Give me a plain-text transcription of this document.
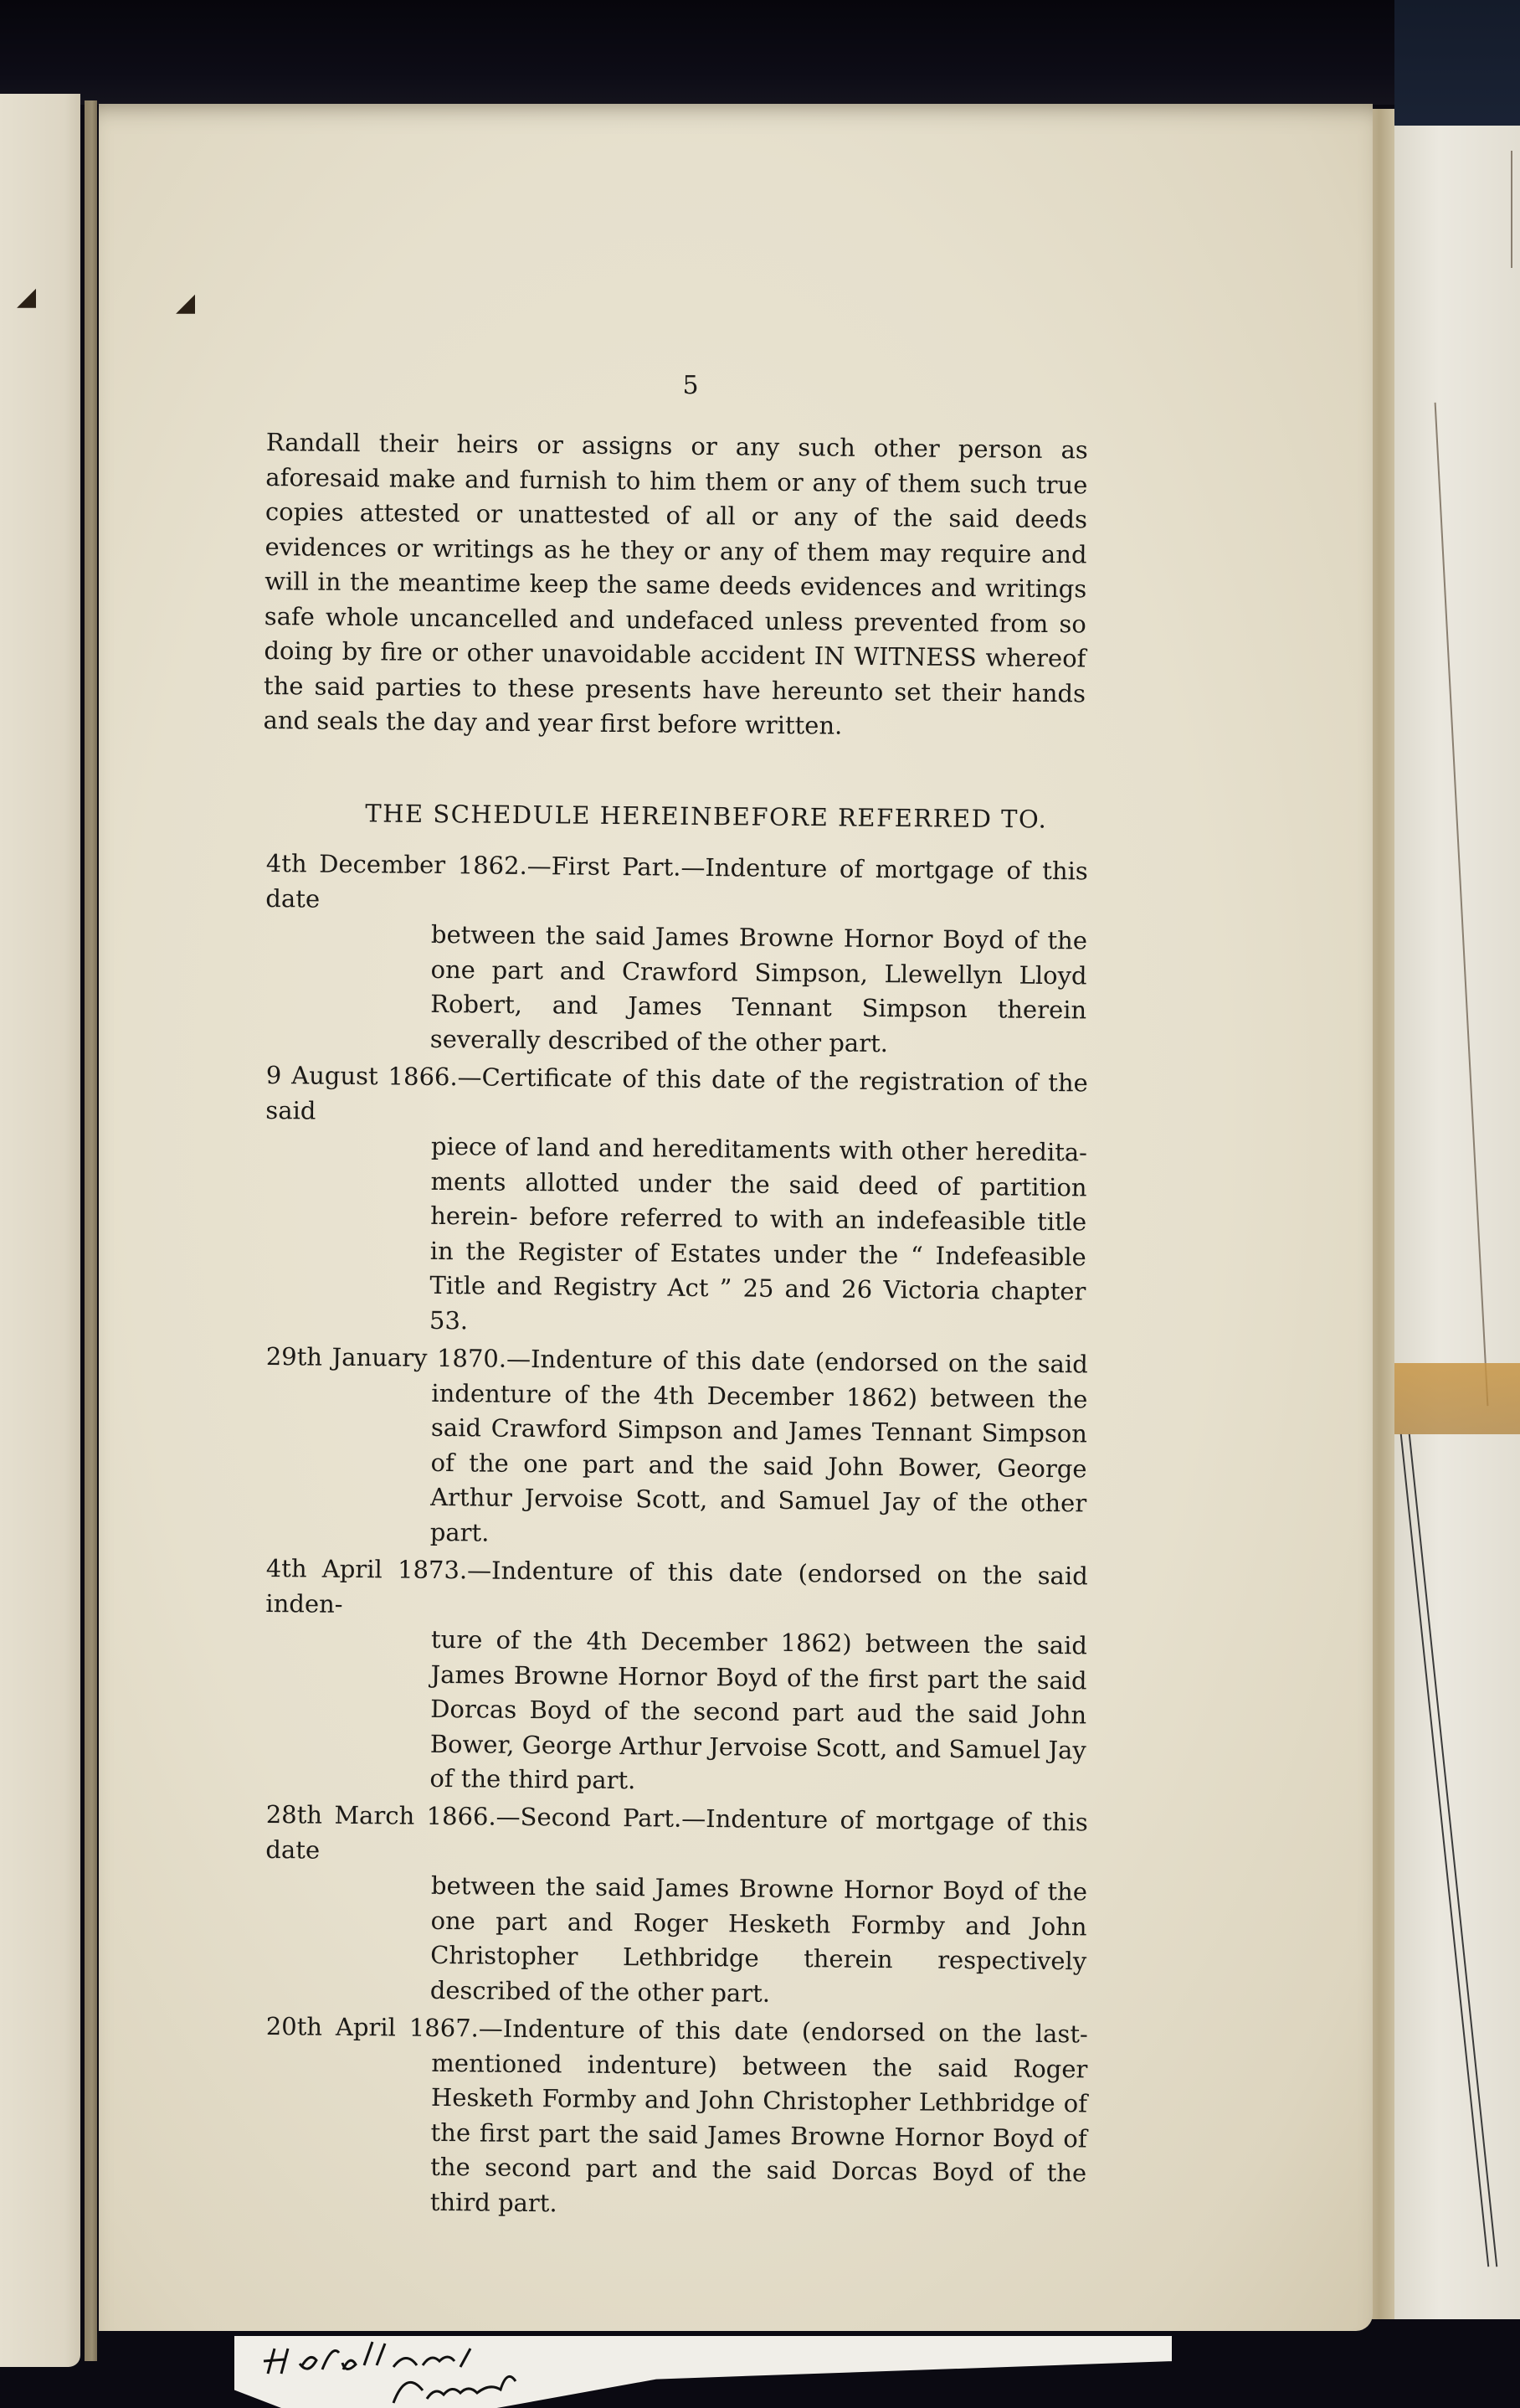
◢	◢
5
Randall their heirs or assigns or any such other person as aforesaid make and furnish to him them or any of them such true copies attested or unattested of all or any of the said deeds evidences or writings as he they or any of them may require and will in the meantime keep the same deeds evidences and writings safe whole uncancelled and undefaced unless prevented from so doing by fire or other unavoidable accident IN WITNESS whereof the said parties to these presents have hereunto set their hands and seals the day and year first before written.
THE SCHEDULE HEREINBEFORE REFERRED TO.
4th December 1862.—First Part.—Indenture of mortgage of this date
between the said James Browne Hornor Boyd of the one part and Crawford Simpson, Llewellyn Lloyd Robert, and James Tennant Simpson therein severally described of the other part.
9 August 1866.—Certificate of this date of the registration of the said
piece of land and hereditaments with other heredita- ments allotted under the said deed of partition herein- before referred to with an indefeasible title in the Register of Estates under the “ Indefeasible Title and Registry Act ” 25 and 26 Victoria chapter 53.
29th January 1870.—Indenture of this date (endorsed on the said
indenture of the 4th December 1862) between the said Crawford Simpson and James Tennant Simpson of the one part and the said John Bower, George Arthur Jervoise Scott, and Samuel Jay of the other part.
4th April 1873.—Indenture of this date (endorsed on the said inden-
ture of the 4th December 1862) between the said James Browne Hornor Boyd of the first part the said Dorcas Boyd of the second part aud the said John Bower, George Arthur Jervoise Scott, and Samuel Jay of the third part.
28th March 1866.—Second Part.—Indenture of mortgage of this date
between the said James Browne Hornor Boyd of the one part and Roger Hesketh Formby and John Christopher Lethbridge therein respectively described of the other part.
20th April 1867.—Indenture of this date (endorsed on the last-
mentioned indenture) between the said Roger Hesketh Formby and John Christopher Lethbridge of the first part the said James Browne Hornor Boyd of the second part and the said Dorcas Boyd of the third part.
